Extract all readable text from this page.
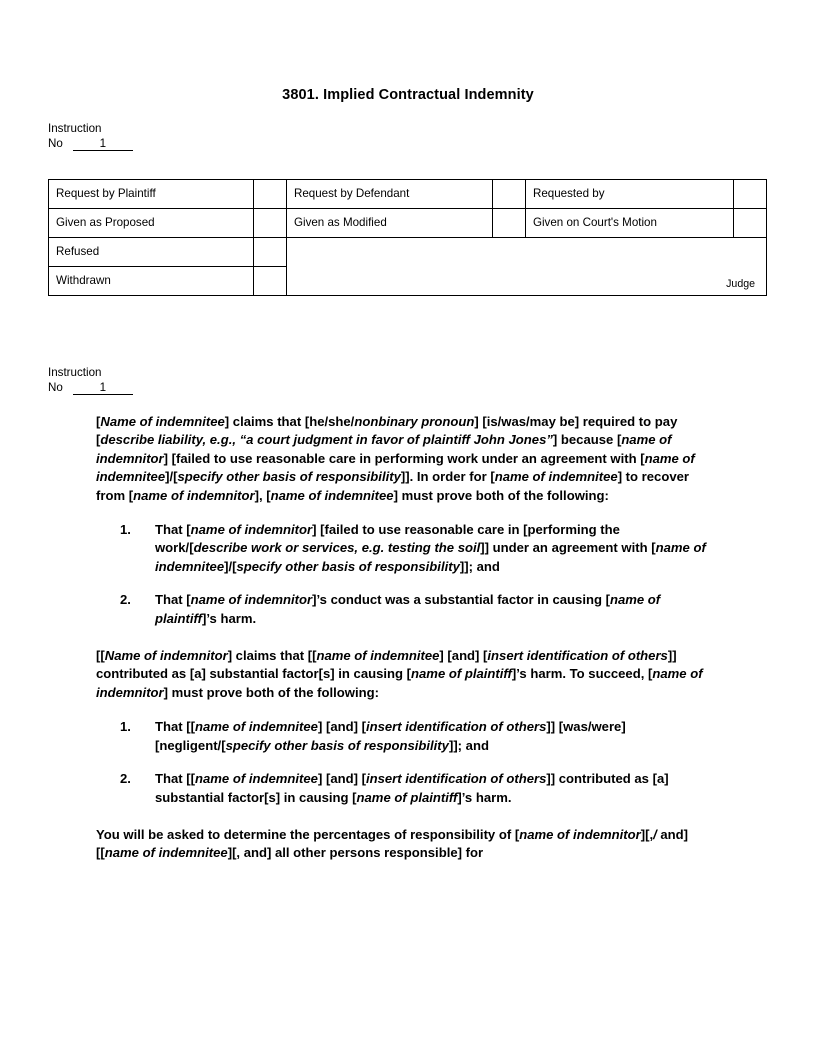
3801. Implied Contractual Indemnity
Instruction
No	1
Request by Plaintiff		Request by Defendant		Requested by	
Given as Proposed		Given as Modified		Given on Court's Motion	
Refused		Judge			

Withdrawn					
Instruction
No	1

[Name of indemnitee] claims that [he/she/nonbinary pronoun] [is/was/may be] required to pay [describe liability, e.g., “a court judgment in favor of plaintiff John Jones”] because [name of indemnitor] [failed to use reasonable care in performing work under an agreement with [name of indemnitee]/[specify other basis of responsibility]]. In order for [name of indemnitee] to recover from [name of indemnitor], [name of indemnitee] must prove both of the following:

1. That [name of indemnitor] [failed to use reasonable care in [performing the work/[describe work or services, e.g. testing the soil]] under an agreement with [name of indemnitee]/[specify other basis of responsibility]]; and
2. That [name of indemnitor]’s conduct was a substantial factor in causing [name of plaintiff]’s harm.

[[Name of indemnitor] claims that [[name of indemnitee] [and] [insert identification of others]] contributed as [a] substantial factor[s] in causing [name of plaintiff]’s harm. To succeed, [name of indemnitor] must prove both of the following:

1. That [[name of indemnitee] [and] [insert identification of others]] [was/were] [negligent/[specify other basis of responsibility]]; and
2. That [[name of indemnitee] [and] [insert identification of others]] contributed as [a] substantial factor[s] in causing [name of plaintiff]’s harm.

You will be asked to determine the percentages of responsibility of [name of indemnitor][,/ and] [[name of indemnitee][, and] all other persons responsible] for
